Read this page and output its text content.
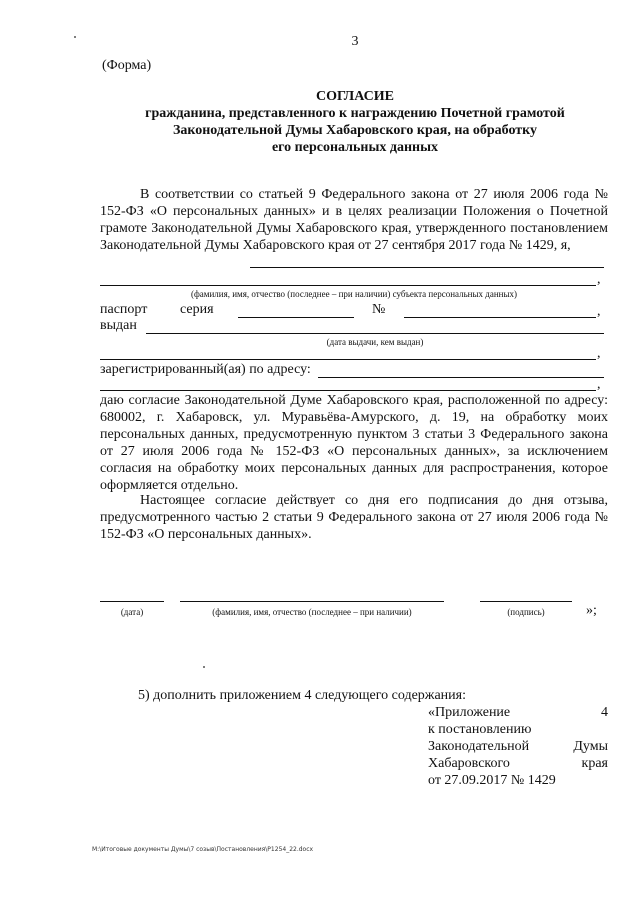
3
(Форма)
СОГЛАСИЕ
гражданина, представленного к награждению Почетной грамотой
Законодательной Думы Хабаровского края, на обработку
его персональных данных
В соответствии со статьей 9 Федерального закона от 27 июля 2006 года № 152-ФЗ «О персональных данных» и в целях реализации Положения о Почетной грамоте Законодательной Думы Хабаровского края, утвержденного постановлением Законодательной Думы Хабаровского края от 27 сентября 2017 года № 1429, я,
,
(фамилия, имя, отчество (последнее – при наличии) субъекта персональных данных)
паспорт серия	№	,
выдан
(дата выдачи, кем выдан)
,
зарегистрированный(ая) по адресу:
,
даю согласие Законодательной Думе Хабаровского края, расположенной по адресу: 680002, г. Хабаровск, ул. Муравьёва-Амурского, д. 19, на обработку моих персональных данных, предусмотренную пунктом 3 статьи 3 Федерального закона от 27 июля 2006 года № 152-ФЗ «О персональных данных», за исключением согласия на обработку моих персональных данных для распространения, которое оформляется отдельно.
Настоящее согласие действует со дня его подписания до дня отзыва, предусмотренного частью 2 статьи 9 Федерального закона от 27 июля 2006 года № 152-ФЗ «О персональных данных».
(дата)	(фамилия, имя, отчество (последнее – при наличии)	(подпись)	»;
5) дополнить приложением 4 следующего содержания:
«Приложение	4
к постановлению
Законодательной	Думы
Хабаровского	края
от 27.09.2017 № 1429
М:\Итоговые документы Думы\7 созыв\Постановления\P1254_22.docx
